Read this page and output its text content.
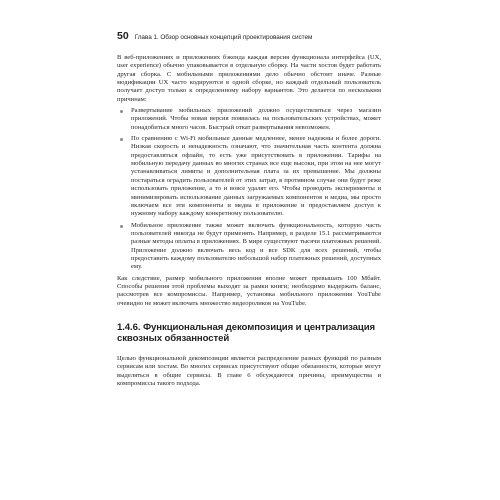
50 Глава 1. Обзор основных концепций проектирования систем

В веб-приложениях и приложениях бэкенда каждая версия функционала интерфейса (UX, user experience) обычно упаковывается в отдельную сборку. На части хостов будет работать другая сборка. С мобильными приложениями дело обычно обстоит иначе. Разные модификации UX часто кодируются в одной сборке, но каждый отдельный пользователь получает доступ только к определенному набору вариантов. Это делается по нескольким причинам:

Развертывание мобильных приложений должно осуществляться через магазин приложений. Чтобы новая версия появилась на пользовательских устройствах, может понадобиться много часов. Быстрый откат развертывания невозможен.
По сравнению с Wi-Fi мобильные данные медленнее, менее надежны и более дороги. Низкая скорость и ненадежность означают, что значительная часть контента должна предоставляться офлайн, то есть уже присутствовать в приложении. Тарифы на мобильную передачу данных во многих странах все еще высоки, при этом на нее могут устанавливаться лимиты и дополнительная плата за их превышение. Мы должны постараться оградить пользователей от этих затрат, в противном случае они будут реже использовать приложение, а то и вовсе удалят его. Чтобы проводить эксперименты и минимизировать использование данных загружаемых компонентов и медиа, мы просто включаем все эти компоненты и медиа в приложение и предоставляем доступ к нужному набору каждому конкретному пользователю.
Мобильное приложение также может включать функциональность, которую часть пользователей никогда не будут применять. Например, в разделе 15.1 рассматриваются разные методы оплаты в приложениях. В мире существуют тысячи платежных решений. Приложение должно включать весь код и все SDK для всех решений, чтобы предоставить каждому пользователю небольшой набор платежных решений, доступных ему.

Как следствие, размер мобильного приложения вполне может превышать 100 Мбайт. Способы решения этой проблемы выходят за рамки книги; необходимо выдержать баланс, рассмотрев все компромиссы. Например, установка мобильного приложения YouTube очевидно не может включать множество видеороликов на YouTube.

1.4.6. Функциональная декомпозиция и централизация сквозных обязанностей

Целью функциональной декомпозиции является распределение разных функций по разным сервисам или хостам. Во многих сервисах присутствуют общие обязанности, которые могут выделяться в общие сервисы. В главе 6 обсуждаются причины, преимущества и компромиссы такого подхода.
